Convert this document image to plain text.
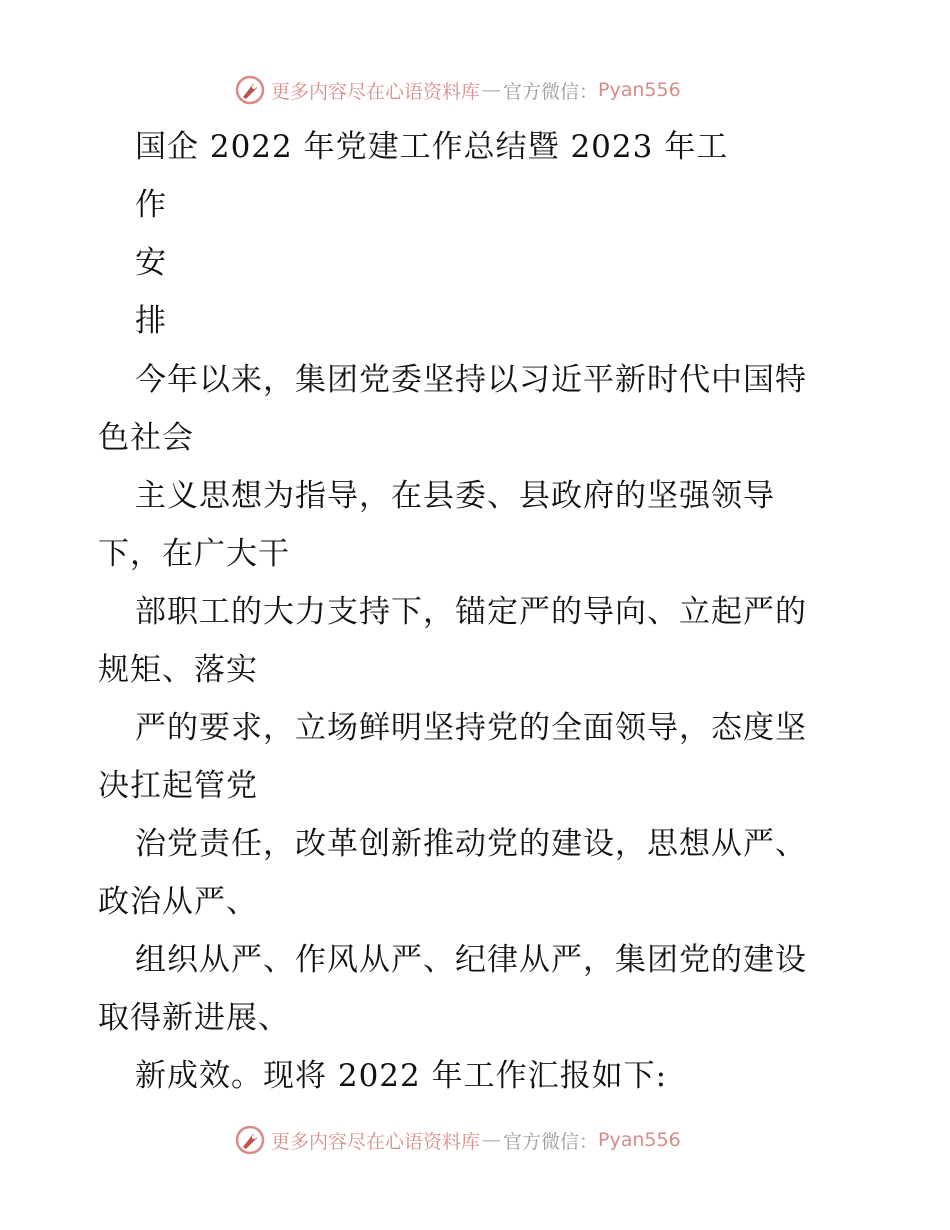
更多内容尽在心语资料库 — 官方微信： Pyan556
国企 2022 年党建工作总结暨 2023 年工
作
安
排
今年以来，集团党委坚持以习近平新时代中国特
色社会
主义思想为指导，在县委、县政府的坚强领导
下，在广大干
部职工的大力支持下，锚定严的导向、立起严的
规矩、落实
严的要求，立场鲜明坚持党的全面领导，态度坚
决扛起管党
治党责任，改革创新推动党的建设，思想从严、
政治从严、
组织从严、作风从严、纪律从严，集团党的建设
取得新进展、
新成效。现将 2022 年工作汇报如下:
更多内容尽在心语资料库 — 官方微信： Pyan556
